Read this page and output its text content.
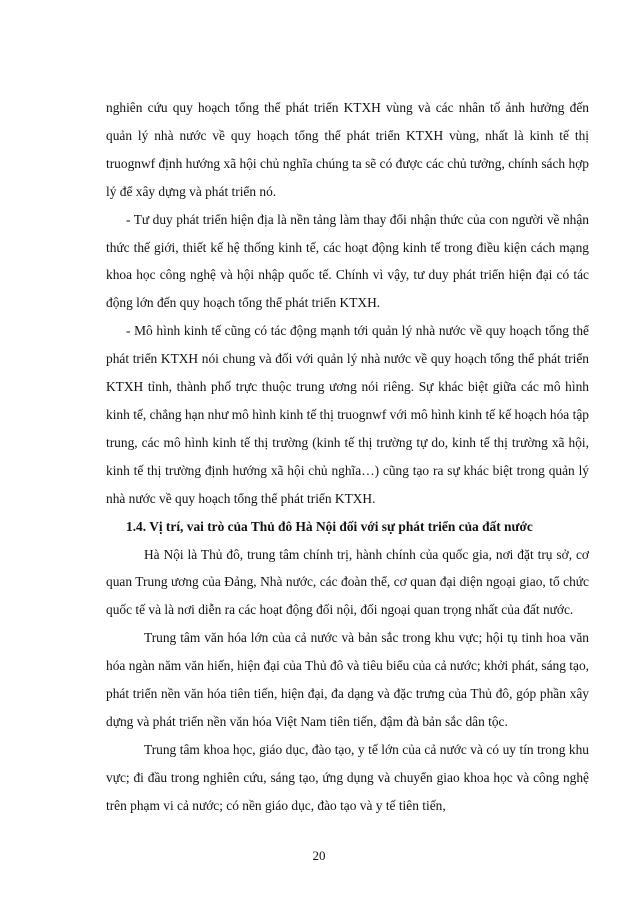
nghiên cứu quy hoạch tổng thể phát triển KTXH vùng và các nhân tố ảnh hưởng đến quản lý nhà nước về quy hoạch tổng thể phát triển KTXH vùng, nhất là kinh tế thị truognwf định hướng xã hội chủ nghĩa chúng ta sẽ có được các chủ tưởng, chính sách hợp lý để xây dựng và phát triển nó.

- Tư duy phát triển hiện địa là nền tảng làm thay đổi nhận thức của con người về nhận thức thế giới, thiết kế hệ thống kinh tế, các hoạt động kinh tế trong điều kiện cách mạng khoa học công nghệ và hội nhập quốc tế. Chính vì vậy, tư duy phát triển hiện đại có tác động lớn đến quy hoạch tổng thể phát triển KTXH.

- Mô hình kinh tế cũng có tác động mạnh tới quản lý nhà nước về quy hoạch tổng thể phát triển KTXH nói chung và đối với quản lý nhà nước về quy hoạch tổng thể phát triển KTXH tỉnh, thành phố trực thuộc trung ương nói riêng. Sự khác biệt giữa các mô hình kinh tế, chẳng hạn như mô hình kinh tế thị truognwf với mô hình kinh tế kế hoạch hóa tập trung, các mô hình kinh tế thị trường (kinh tế thị trường tự do, kinh tế thị trường xã hội, kinh tế thị trường định hướng xã hội chủ nghĩa…) cũng tạo ra sự khác biệt trong quản lý nhà nước về quy hoạch tổng thể phát triển KTXH.

1.4. Vị trí, vai trò của Thủ đô Hà Nội đối với sự phát triển của đất nước

Hà Nội là Thủ đô, trung tâm chính trị, hành chính của quốc gia, nơi đặt trụ sở, cơ quan Trung ương của Đảng, Nhà nước, các đoàn thể, cơ quan đại diện ngoại giao, tổ chức quốc tế và là nơi diễn ra các hoạt động đối nội, đối ngoại quan trọng nhất của đất nước.

Trung tâm văn hóa lớn của cả nước và bản sắc trong khu vực; hội tụ tinh hoa văn hóa ngàn năm văn hiến, hiện đại của Thủ đô và tiêu biểu của cả nước; khởi phát, sáng tạo, phát triển nền văn hóa tiên tiến, hiện đại, đa dạng và đặc trưng của Thủ đô, góp phần xây dựng và phát triển nền văn hóa Việt Nam tiên tiến, đậm đà bản sắc dân tộc.

Trung tâm khoa học, giáo dục, đào tạo, y tế lớn của cả nước và có uy tín trong khu vực; đi đầu trong nghiên cứu, sáng tạo, ứng dụng và chuyển giao khoa học và công nghệ trên phạm vi cả nước; có nền giáo dục, đào tạo và y tế tiên tiến,

20
